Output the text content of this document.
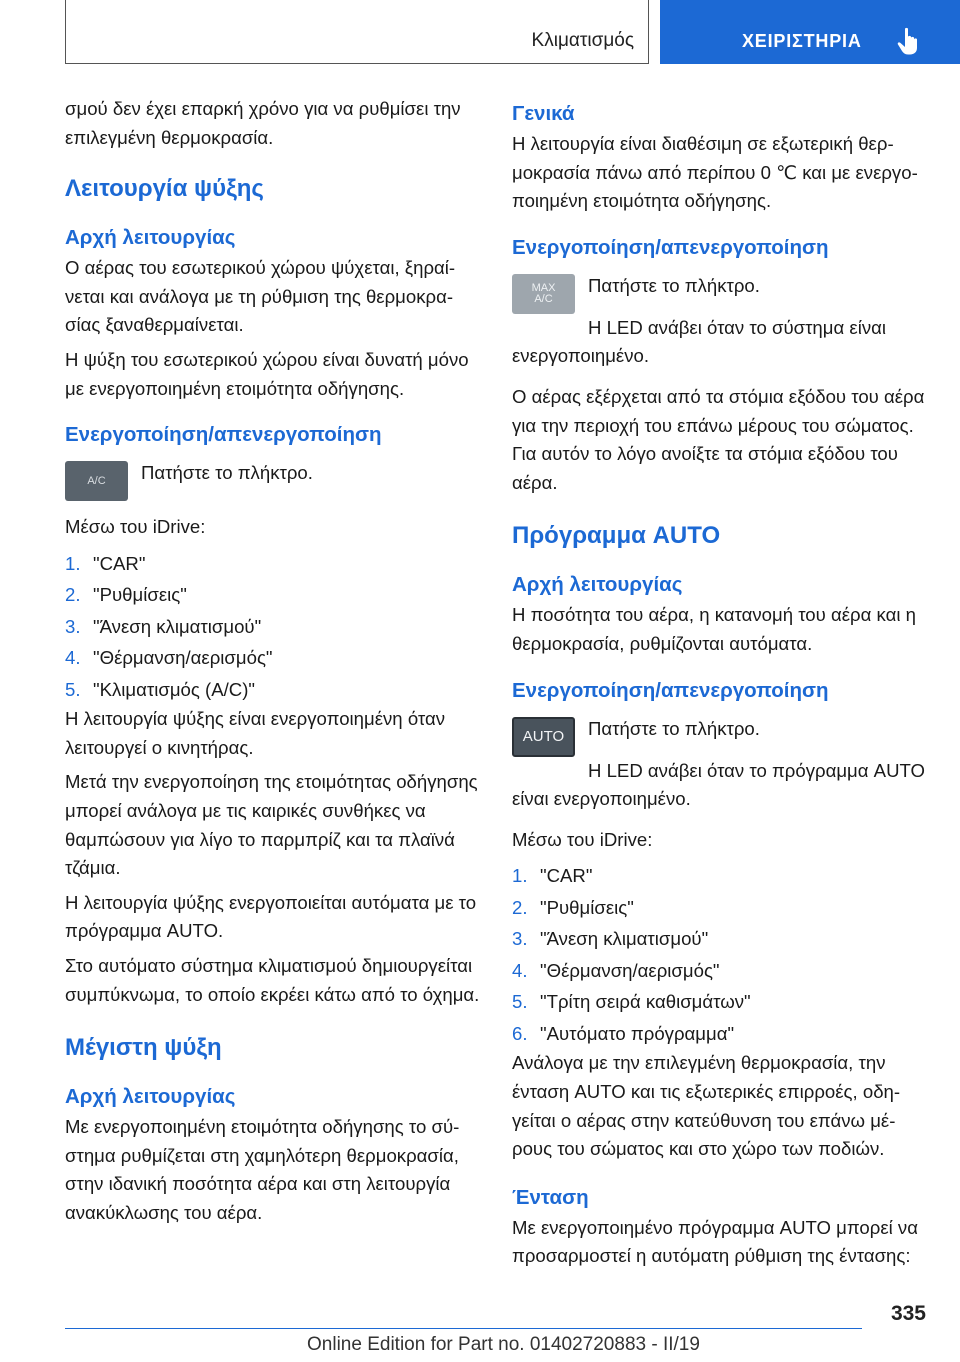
Κλιματισμός	ΧΕΙΡΙΣΤΗΡΙΑ

σμού δεν έχει επαρκή χρόνο για να ρυθμίσει την επιλεγμένη θερμοκρασία.

Λειτουργία ψύξης
Αρχή λειτουργίας

Ο αέρας του εσωτερικού χώρου ψύχεται, ξηραίνεται και ανάλογα με τη ρύθμιση της θερμοκρασίας ξαναθερμαίνεται.

Η ψύξη του εσωτερικού χώρου είναι δυνατή μόνο με ενεργοποιημένη ετοιμότητα οδήγησης.

Ενεργοποίηση/απενεργοποίηση
A/C Πατήστε το πλήκτρο.

Μέσω του iDrive:

1. "CAR"
2. "Ρυθμίσεις"
3. "Άνεση κλιματισμού"
4. "Θέρμανση/αερισμός"
5. "Κλιματισμός (A/C)"

Η λειτουργία ψύξης είναι ενεργοποιημένη όταν λειτουργεί ο κινητήρας.

Μετά την ενεργοποίηση της ετοιμότητας οδήγησης μπορεί ανάλογα με τις καιρικές συνθήκες να θαμπώσουν για λίγο το παρμπρίζ και τα πλαϊνά τζάμια.

Η λειτουργία ψύξης ενεργοποιείται αυτόματα με το πρόγραμμα AUTO.

Στο αυτόματο σύστημα κλιματισμού δημιουργείται συμπύκνωμα, το οποίο εκρέει κάτω από το όχημα.

Μέγιστη ψύξη
Αρχή λειτουργίας

Με ενεργοποιημένη ετοιμότητα οδήγησης το σύστημα ρυθμίζεται στη χαμηλότερη θερμοκρασία, στην ιδανική ποσότητα αέρα και στη λειτουργία ανακύκλωσης του αέρα.

Γενικά

Η λειτουργία είναι διαθέσιμη σε εξωτερική θερμοκρασία πάνω από περίπου 0 ℃ και με ενεργοποιημένη ετοιμότητα οδήγησης.

Ενεργοποίηση/απενεργοποίηση
MAX
A/C

Πατήστε το πλήκτρο.

Η LED ανάβει όταν το σύστημα είναι ενεργοποιημένο.

Ο αέρας εξέρχεται από τα στόμια εξόδου του αέρα για την περιοχή του επάνω μέρους του σώματος. Για αυτόν το λόγο ανοίξτε τα στόμια εξόδου του αέρα.

Πρόγραμμα AUTO
Αρχή λειτουργίας

Η ποσότητα του αέρα, η κατανομή του αέρα και η θερμοκρασία, ρυθμίζονται αυτόματα.

Ενεργοποίηση/απενεργοποίηση
AUTO Πατήστε το πλήκτρο.

Η LED ανάβει όταν το πρόγραμμα AUTO είναι ενεργοποιημένο.

Μέσω του iDrive:

1. "CAR"
2. "Ρυθμίσεις"
3. "Άνεση κλιματισμού"
4. "Θέρμανση/αερισμός"
5. "Τρίτη σειρά καθισμάτων"
6. "Αυτόματο πρόγραμμα"

Ανάλογα με την επιλεγμένη θερμοκρασία, την ένταση AUTO και τις εξωτερικές επιρροές, οδηγείται ο αέρας στην κατεύθυνση του επάνω μέρους του σώματος και στο χώρο των ποδιών.

Ένταση

Με ενεργοποιημένο πρόγραμμα AUTO μπορεί να προσαρμοστεί η αυτόματη ρύθμιση της έντασης:

335
Online Edition for Part no. 01402720883 - II/19
